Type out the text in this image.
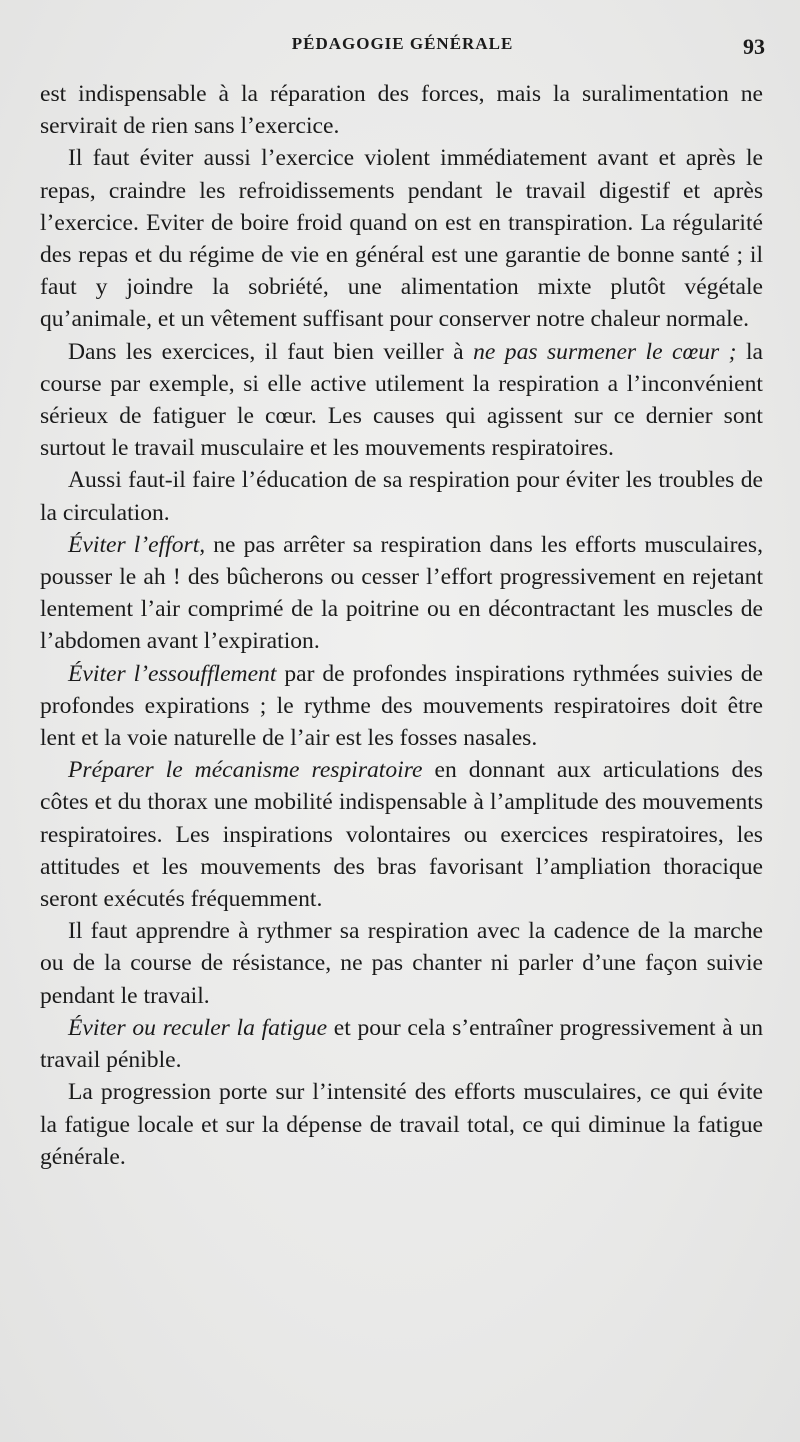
PÉDAGOGIE GÉNÉRALE	93

est indispensable à la réparation des forces, mais la suralimentation ne servirait de rien sans l’exercice.

Il faut éviter aussi l’exercice violent immédiatement avant et après le repas, craindre les refroidissements pendant le travail digestif et après l’exercice. Eviter de boire froid quand on est en transpiration. La régularité des repas et du régime de vie en général est une garantie de bonne santé ; il faut y joindre la sobriété, une alimentation mixte plutôt végétale qu’animale, et un vêtement suffisant pour conserver notre chaleur normale.

Dans les exercices, il faut bien veiller à ne pas surmener le cœur ; la course par exemple, si elle active utilement la respiration a l’inconvénient sérieux de fatiguer le cœur. Les causes qui agissent sur ce dernier sont surtout le travail musculaire et les mouvements respiratoires.

Aussi faut-il faire l’éducation de sa respiration pour éviter les troubles de la circulation.

Éviter l’effort, ne pas arrêter sa respiration dans les efforts musculaires, pousser le ah ! des bûcherons ou cesser l’effort progressivement en rejetant lentement l’air comprimé de la poitrine ou en décontractant les muscles de l’abdomen avant l’expiration.

Éviter l’essoufflement par de profondes inspirations rythmées suivies de profondes expirations ; le rythme des mouvements respiratoires doit être lent et la voie naturelle de l’air est les fosses nasales.

Préparer le mécanisme respiratoire en donnant aux articulations des côtes et du thorax une mobilité indispensable à l’amplitude des mouvements respiratoires. Les inspirations volontaires ou exercices respiratoires, les attitudes et les mouvements des bras favorisant l’ampliation thoracique seront exécutés fréquemment.

Il faut apprendre à rythmer sa respiration avec la cadence de la marche ou de la course de résistance, ne pas chanter ni parler d’une façon suivie pendant le travail.

Éviter ou reculer la fatigue et pour cela s’entraîner progressivement à un travail pénible.

La progression porte sur l’intensité des efforts musculaires, ce qui évite la fatigue locale et sur la dépense de travail total, ce qui diminue la fatigue générale.
